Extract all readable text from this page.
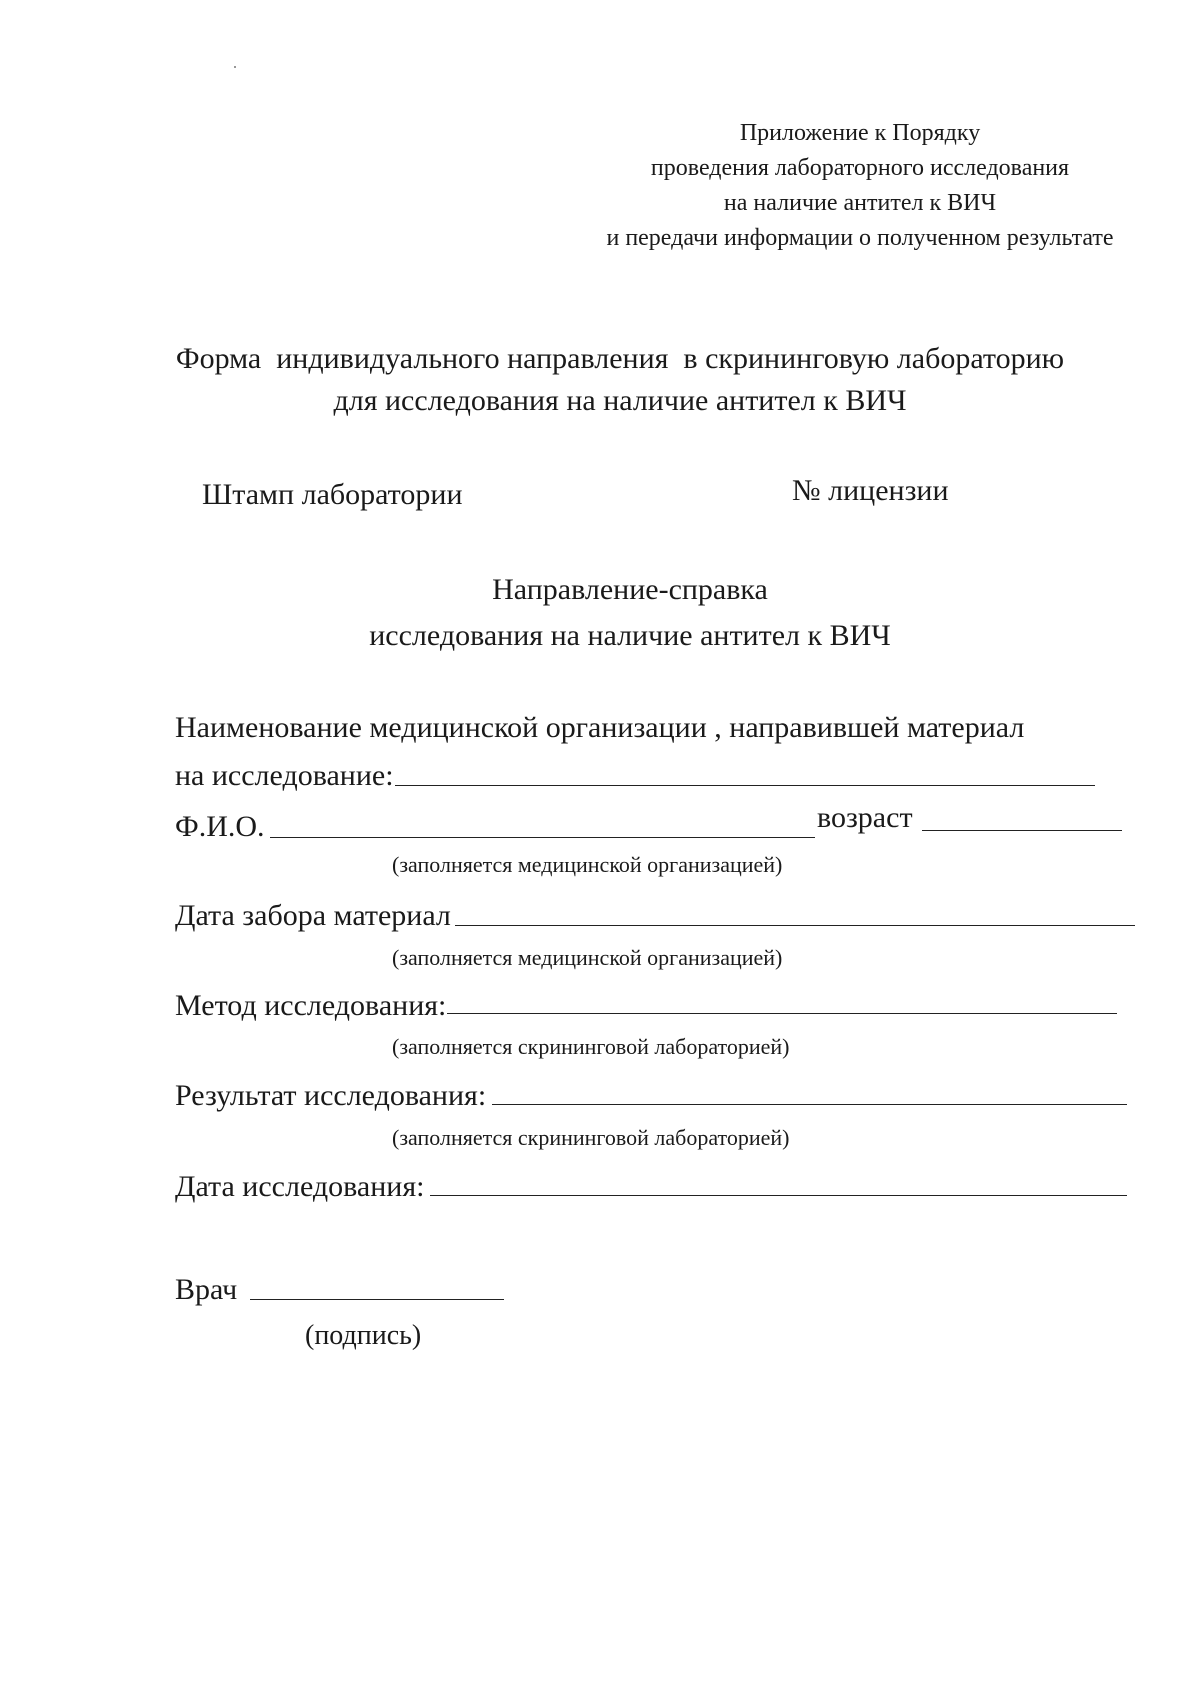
Приложение к Порядку
проведения лабораторного исследования
на наличие антител к ВИЧ
и передачи информации о полученном результате
Форма  индивидуального направления  в скрининговую лабораторию
для исследования на наличие антител к ВИЧ
Штамп лаборатории	№ лицензии
Направление-справка
исследования на наличие антител к ВИЧ
Наименование медицинской организации , направившей материал
на исследование:
Ф.И.О.	возраст
(заполняется медицинской организацией)
Дата забора материал
(заполняется медицинской организацией)
Метод исследования:
(заполняется скрининговой лабораторией)
Результат исследования:
(заполняется скрининговой лабораторией)
Дата исследования:
Врач
(подпись)
